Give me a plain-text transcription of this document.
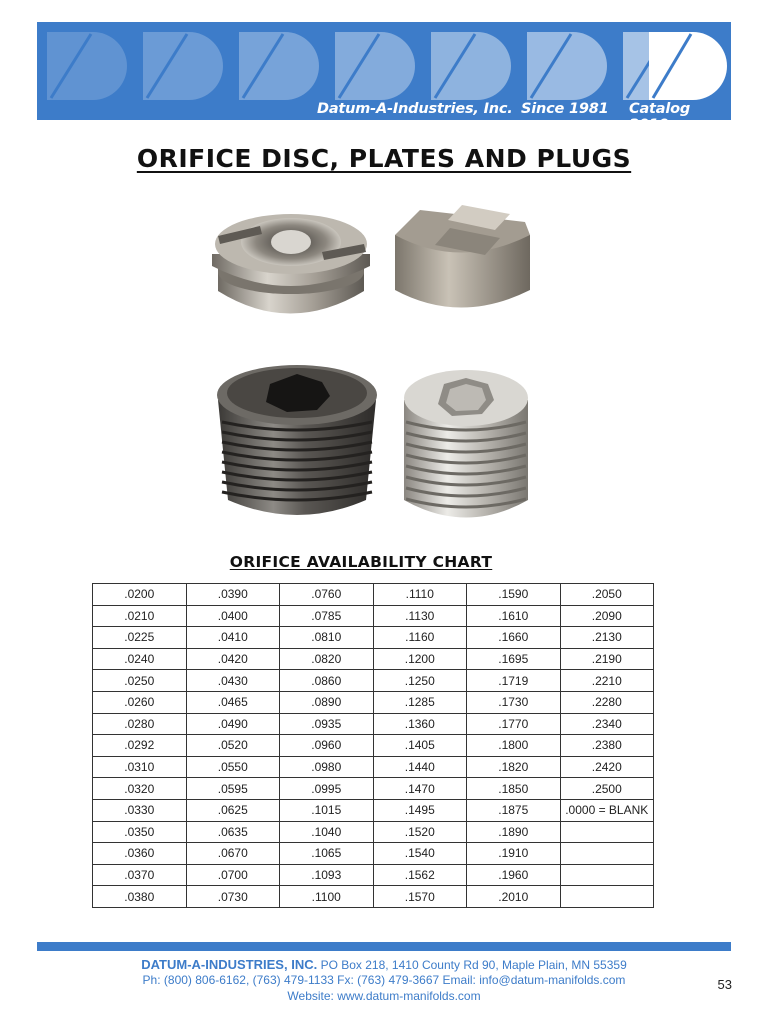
Datum-A-Industries, Inc. Since 1981 Catalog 2010
ORIFICE DISC, PLATES AND PLUGS
ORIFICE AVAILABILITY CHART
.0200	.0390	.0760	.1110	.1590	.2050
.0210	.0400	.0785	.1130	.1610	.2090
.0225	.0410	.0810	.1160	.1660	.2130
.0240	.0420	.0820	.1200	.1695	.2190
.0250	.0430	.0860	.1250	.1719	.2210
.0260	.0465	.0890	.1285	.1730	.2280
.0280	.0490	.0935	.1360	.1770	.2340
.0292	.0520	.0960	.1405	.1800	.2380
.0310	.0550	.0980	.1440	.1820	.2420
.0320	.0595	.0995	.1470	.1850	.2500
.0330	.0625	.1015	.1495	.1875	.0000 = BLANK
.0350	.0635	.1040	.1520	.1890	
.0360	.0670	.1065	.1540	.1910	
.0370	.0700	.1093	.1562	.1960	
.0380	.0730	.1100	.1570	.2010	
DATUM-A-INDUSTRIES, INC. PO Box 218, 1410 County Rd 90, Maple Plain, MN 55359
Ph: (800) 806-6162, (763) 479-1133 Fx: (763) 479-3667 Email: info@datum-manifolds.com
Website: www.datum-manifolds.com
53
